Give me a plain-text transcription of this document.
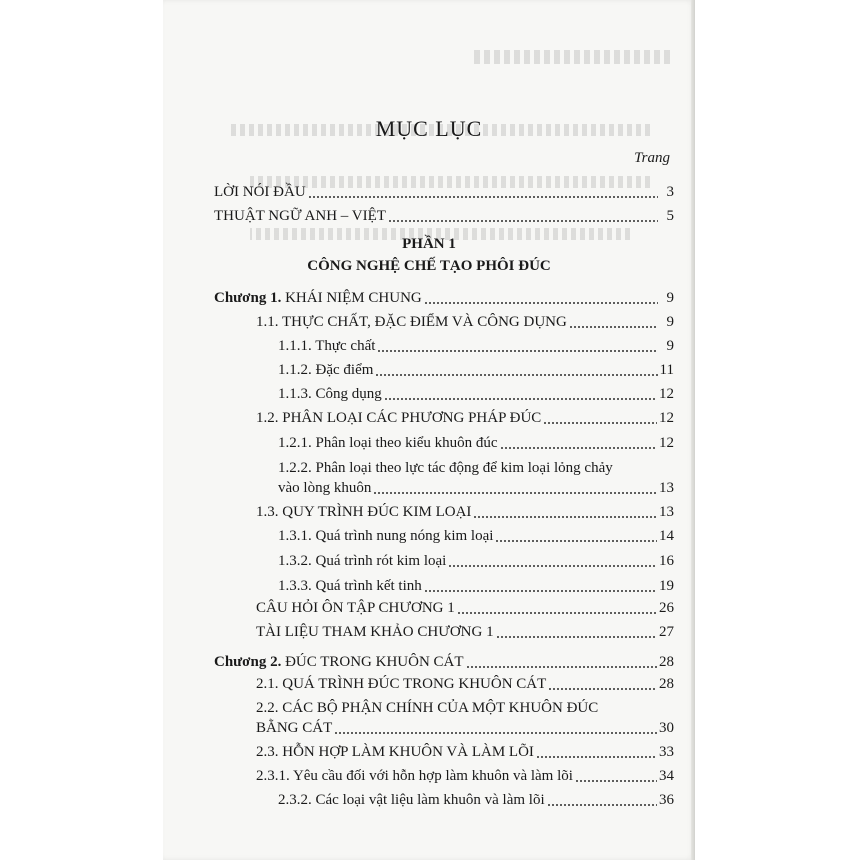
MỤC LỤC
Trang
LỜI NÓI ĐẦU	3
THUẬT NGỮ ANH – VIỆT	5
PHẦN 1
CÔNG NGHỆ CHẾ TẠO PHÔI ĐÚC
Chương 1. KHÁI NIỆM CHUNG	9
1.1. THỰC CHẤT, ĐẶC ĐIỂM VÀ CÔNG DỤNG	9
1.1.1. Thực chất	9
1.1.2. Đặc điểm	11
1.1.3. Công dụng	12
1.2. PHÂN LOẠI CÁC PHƯƠNG PHÁP ĐÚC	12
1.2.1. Phân loại theo kiểu khuôn đúc	12
1.2.2. Phân loại theo lực tác động để kim loại lỏng chảy
vào lòng khuôn	13
1.3. QUY TRÌNH ĐÚC KIM LOẠI	13
1.3.1. Quá trình nung nóng kim loại	14
1.3.2. Quá trình rót kim loại	16
1.3.3. Quá trình kết tinh	19
CÂU HỎI ÔN TẬP CHƯƠNG 1	26
TÀI LIỆU THAM KHẢO CHƯƠNG 1	27
Chương 2. ĐÚC TRONG KHUÔN CÁT	28
2.1. QUÁ TRÌNH ĐÚC TRONG KHUÔN CÁT	28
2.2. CÁC BỘ PHẬN CHÍNH CỦA MỘT KHUÔN ĐÚC
BẰNG CÁT	30
2.3. HỖN HỢP LÀM KHUÔN VÀ LÀM LÕI	33
2.3.1. Yêu cầu đối với hỗn hợp làm khuôn và làm lõi	34
2.3.2. Các loại vật liệu làm khuôn và làm lõi	36
